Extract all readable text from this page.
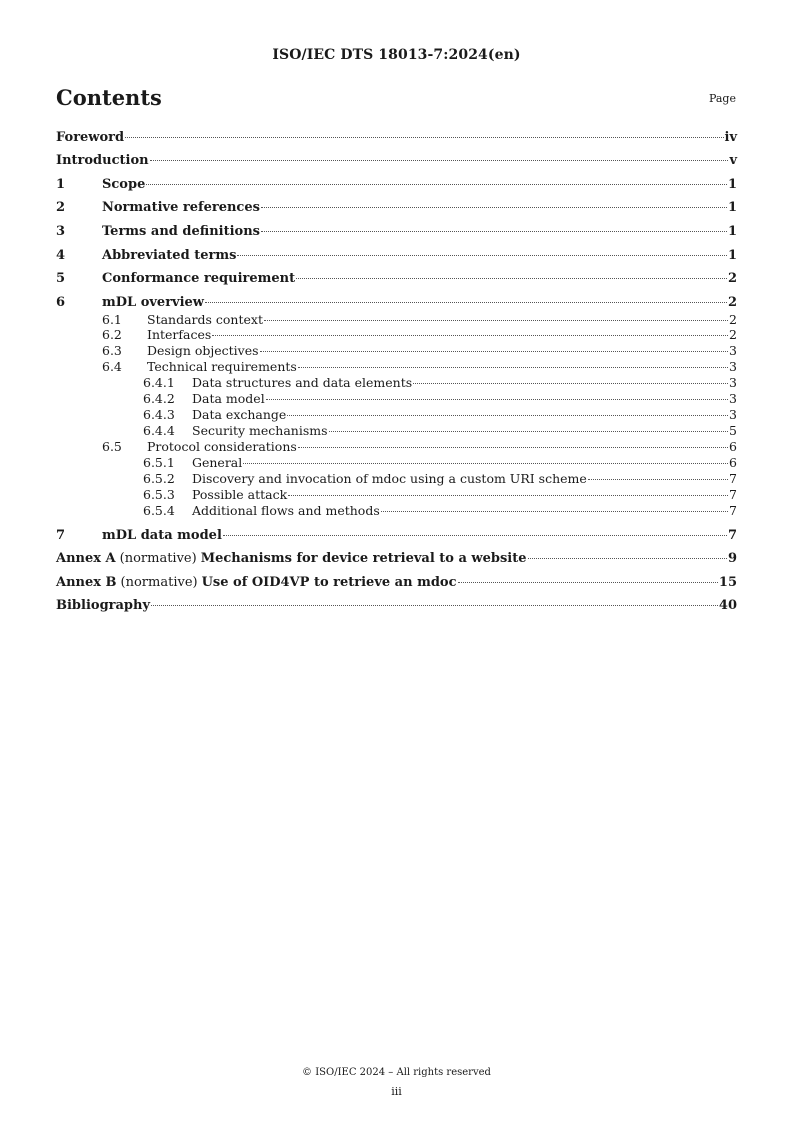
ISO/IEC DTS 18013-7:2024(en)
Contents	Page
Foreword	iv
Introduction	v
1	Scope	1
2	Normative references	1
3	Terms and definitions	1
4	Abbreviated terms	1
5	Conformance requirement	2
6	mDL overview	2
6.1	Standards context	2
6.2	Interfaces	2
6.3	Design objectives	3
6.4	Technical requirements	3
6.4.1	Data structures and data elements	3
6.4.2	Data model	3
6.4.3	Data exchange	3
6.4.4	Security mechanisms	5
6.5	Protocol considerations	6
6.5.1	General	6
6.5.2	Discovery and invocation of mdoc using a custom URI scheme	7
6.5.3	Possible attack	7
6.5.4	Additional flows and methods	7
7	mDL data model	7
Annex A (normative) Mechanisms for device retrieval to a website	9
Annex B (normative) Use of OID4VP to retrieve an mdoc	15
Bibliography	40
© ISO/IEC 2024 – All rights reserved
iii
